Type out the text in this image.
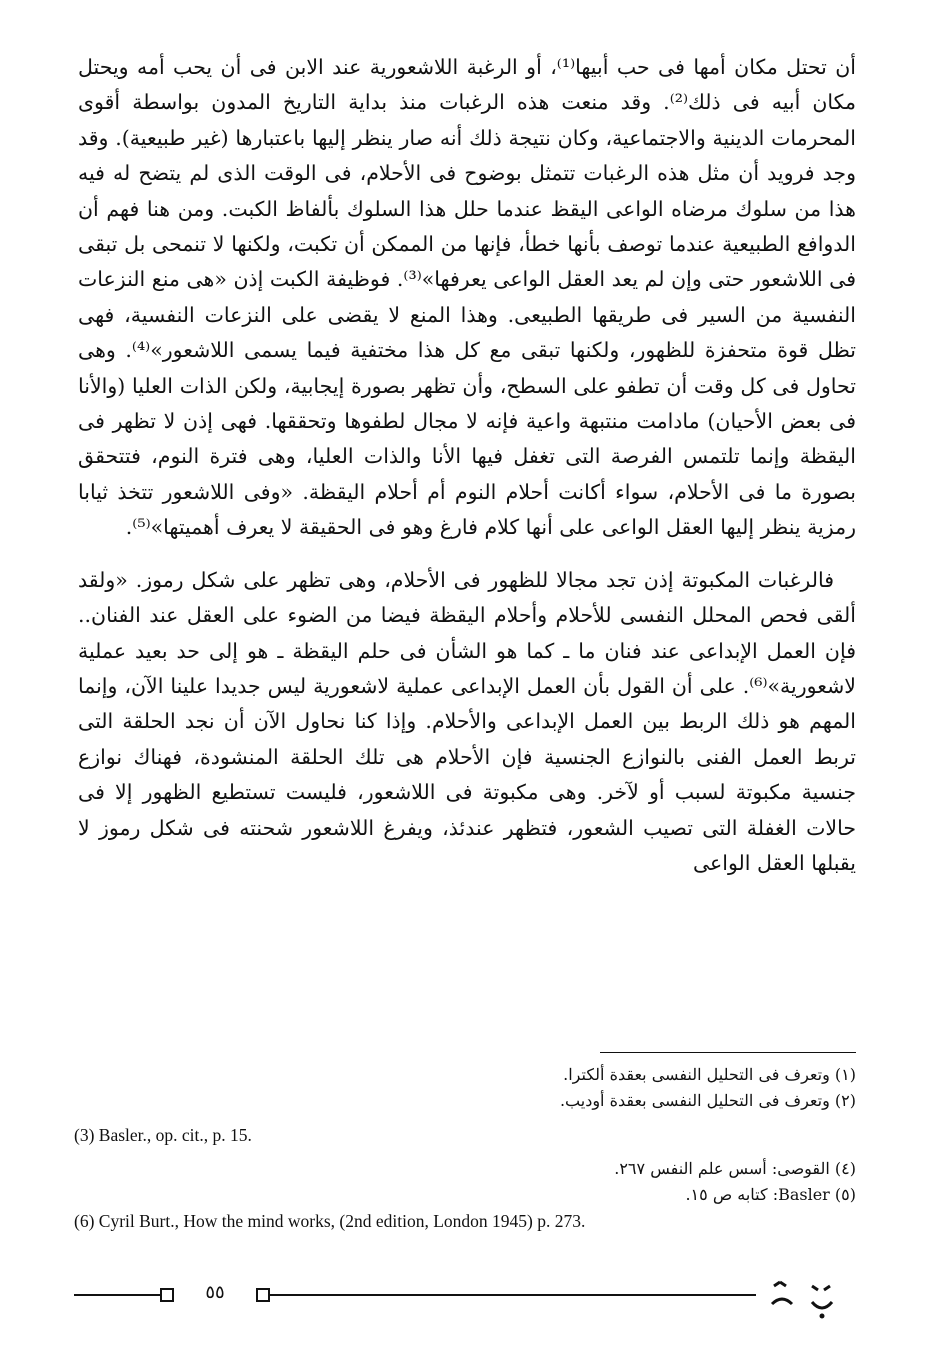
أن تحتل مكان أمها فى حب أبيها⁽¹⁾، أو الرغبة اللاشعورية عند الابن فى أن يحب أمه ويحتل مكان أبيه فى ذلك⁽²⁾. وقد منعت هذه الرغبات منذ بداية التاريخ المدون بواسطة أقوى المحرمات الدينية والاجتماعية، وكان نتيجة ذلك أنه صار ينظر إليها باعتبارها (غير طبيعية). وقد وجد فرويد أن مثل هذه الرغبات تتمثل بوضوح فى الأحلام، فى الوقت الذى لم يتضح له فيه هذا من سلوك مرضاه الواعى اليقظ عندما حلل هذا السلوك بألفاظ الكبت. ومن هنا فهم أن الدوافع الطبيعية عندما توصف بأنها خطأ، فإنها من الممكن أن تكبت، ولكنها لا تنمحى بل تبقى فى اللاشعور حتى وإن لم يعد العقل الواعى يعرفها»⁽³⁾. فوظيفة الكبت إذن «هى منع النزعات النفسية من السير فى طريقها الطبيعى. وهذا المنع لا يقضى على النزعات النفسية، فهى تظل قوة متحفزة للظهور، ولكنها تبقى مع كل هذا مختفية فيما يسمى اللاشعور»⁽⁴⁾. وهى تحاول فى كل وقت أن تطفو على السطح، وأن تظهر بصورة إيجابية، ولكن الذات العليا (والأنا فى بعض الأحيان) مادامت منتبهة واعية فإنه لا مجال لطفوها وتحققها. فهى إذن لا تظهر فى اليقظة وإنما تلتمس الفرصة التى تغفل فيها الأنا والذات العليا، وهى فترة النوم، فتتحقق بصورة ما فى الأحلام، سواء أكانت أحلام النوم أم أحلام اليقظة. «وفى اللاشعور تتخذ ثيابا رمزية ينظر إليها العقل الواعى على أنها كلام فارغ وهو فى الحقيقة لا يعرف أهميتها»⁽⁵⁾.

فالرغبات المكبوتة إذن تجد مجالا للظهور فى الأحلام، وهى تظهر على شكل رموز. «ولقد ألقى فحص المحلل النفسى للأحلام وأحلام اليقظة فيضا من الضوء على العقل عند الفنان.. فإن العمل الإبداعى عند فنان ما ـ كما هو الشأن فى حلم اليقظة ـ هو إلى حد بعيد عملية لاشعورية»⁽⁶⁾. على أن القول بأن العمل الإبداعى عملية لاشعورية ليس جديدا علينا الآن، وإنما المهم هو ذلك الربط بين العمل الإبداعى والأحلام. وإذا كنا نحاول الآن أن نجد الحلقة التى تربط العمل الفنى بالنوازع الجنسية فإن الأحلام هى تلك الحلقة المنشودة، فهناك نوازع جنسية مكبوتة لسبب أو لآخر. وهى مكبوتة فى اللاشعور، فليست تستطيع الظهور إلا فى حالات الغفلة التى تصيب الشعور، فتظهر عندئذ، ويفرغ اللاشعور شحنته فى شكل رموز لا يقبلها العقل الواعى

(١) وتعرف فى التحليل النفسى بعقدة ألكترا.

(٢) وتعرف فى التحليل النفسى بعقدة أوديب.

(3) Basler., op. cit., p. 15.

(٤) القوصى: أسس علم النفس ٢٦٧.

(٥) Basler: كتابه ص ١٥.

(6) Cyril Burt., How the mind works, (2nd edition, London 1945) p. 273.

٥٥
